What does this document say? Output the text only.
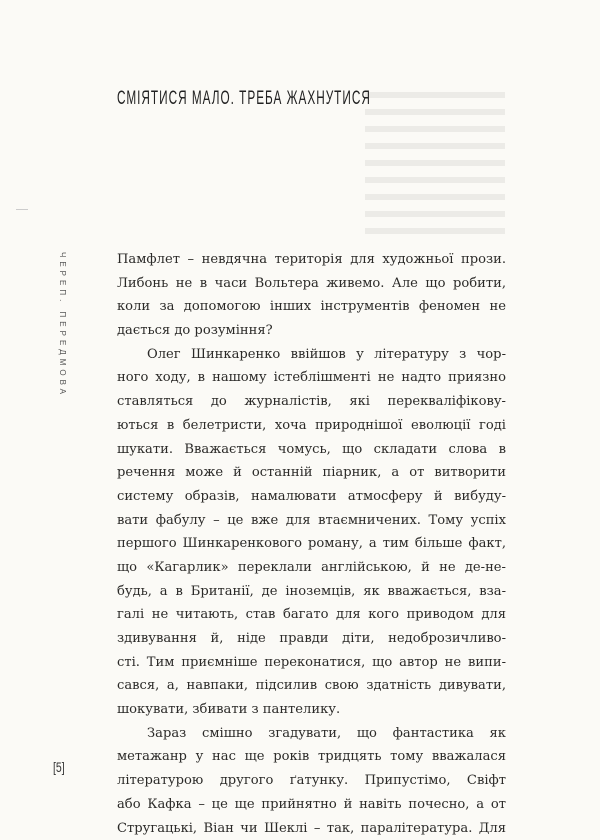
СМІЯТИСЯ МАЛО. ТРЕБА ЖАХНУТИСЯ
ЧЕРЕП. ПЕРЕДМОВА
[5]
Памфлет – невдячна територія для художньої прози.
Либонь не в часи Вольтера живемо. Але що робити,
коли за допомогою інших інструментів феномен не
дається до розуміння?
Олег Шинкаренко ввійшов у літературу з чор-
ного ходу, в нашому істеблішменті не надто приязно
ставляться до журналістів, які перекваліфікову-
ються в белетристи, хоча природнішої еволюції годі
шукати. Вважається чомусь, що складати слова в
речення може й останній піарник, а от витворити
систему образів, намалювати атмосферу й вибуду-
вати фабулу – це вже для втаємничених. Тому успіх
першого Шинкаренкового роману, а тим більше факт,
що «Кагарлик» переклали англійською, й не де-не-
будь, а в Британії, де іноземців, як вважається, вза-
галі не читають, став багато для кого приводом для
здивування й, ніде правди діти, недоброзичливо-
сті. Тим приємніше переконатися, що автор не випи-
сався, а, навпаки, підсилив свою здатність дивувати,
шокувати, збивати з пантелику.
Зараз смішно згадувати, що фантастика як
метажанр у нас ще років тридцять тому вважалася
літературою другого ґатунку. Припустімо, Свіфт
або Кафка – це ще прийнятно й навіть почесно, а от
Стругацькі, Віан чи Шеклі – так, паралітература. Для
